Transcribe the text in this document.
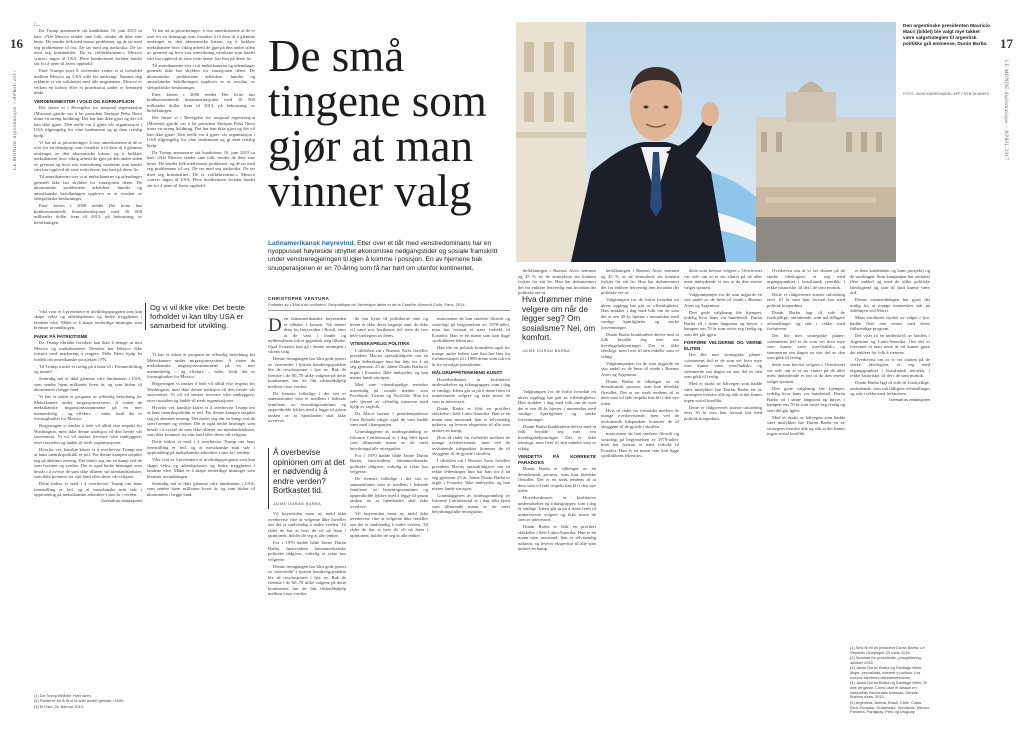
16
LE MONDE diplomatique – APRIL 2017
/...

Da Trump annonserte sitt kandidatur 16. juni 2015 sa han: «Når Mexico sender sine folk, sender de ikke sine beste. De sender folk med masse problemer, og de tar med seg problemene til oss. De tar med seg narkotika. De tar med seg kriminalitet. De er voldtektsmenn.» Mexico «rører» ingen til USA. Flere hundretusen forlater landet sitt for å tjene til livets opphold.

Etter Trumps seier 8. november venter vi at forholdet mellom Mexico og USA ville bli anstrengt. Samme dag erklærte vi vår solidaritet med alle migrantene. Mexico er verken en koloni eller et protektorat under et fremmed makt.

VERDENSMESTER I VOLD OG KORRUPSJON

Det første vi i Bevegelse for nasjonal regenerasjon (Morena) gjorde var å be president Enrique Peña Nieto innta en streng holdning. Det har han ikke gjort og det vil han ikke gjøre. Den reelle var å gjøre vår organisasjon i USA tilgjengelig for våre landsmenn og gi dem rettslig hjelp.

Vi har nå to prioriteringer: å vise amerikanerne at de er ofre for en demagogi som forsøker å få dem til å glemme omfanget av den økonomiske krisen, og å forklare meksikanere hvor viktig arbeid de gjør på den andre siden av grensen og hvor stor innvirkning vanskene som landet vårt har opplevd de siste tretti årene, har hatt på deres liv.

Til amerikanerne sier vi at meksikanerne og utlendinger generelt ikke har skylden for situasjonen deres. De økonomiske problemene arbeidere, bønder og amerikanske befolkningen opplever er et resultat av slettpolitiske beslutninger.

Etter krisen i 2008 reddet Det hvite hus konkursrammede finansinstitusjoner med 16 000 milliarder dollar frem til 2013, på bekostning av befolkningen.

Vårt svar er å presentere et utviklingsprogram som kan skape vekst og arbeidsplasser og bedre tryggheten i landene våre. Målet er å skape rettferdige løsninger som bremser utvandringen.

PANIK PÅ PATRIOTISME

Da Trump tiltrådte forsikret han ikke å demge ut mot Mexico og meksikanerne. Deretter har Mexico ikke fortsatt med markering å reagere. Peña Nieto hjalp ha fordelt det amerikanske prosjektet i PN.

Til Trump truslet et forlag på å bane til i Femmeltofting og innrør!

Samtidig må vi ikke glemme våre landsmenn i USA, som sender hjem millioner hvert år, og som bidrar til økonomien i begge land.

Vi har vi utført et program av offentlig betydning for Meksikanere under migrasjonssystem. Å staten de meksikanske migrasjonsstrømmene på en mer menneskelig – og effektiv – måte, fordi det er forutsigbarhet for Mexico.

Regjeringen vi ønsker å lede vil alltid vise respekt for Washington, men ikke denne tradisjon vil den hevde vår suverenitet. Vi vil vil ønsker forsvare våre innbyggere, etter trusselen og hadde til sterk organisasjoner.

Hvorfor vet, kanskje klarer vi å overbevise Trump om at hans utenrikspolitikk er feil. For denne kampen utsjøler seg på ahennes terreng. Det dreier seg om en kamp ved de som forenter og verdier. Det er også bedre løsninger som består i å avvise de som ikke tillærer sin utenlandslokster, som ikke kommer fra vårt land eller deres vår religion.

Dette bidrar vi med i å overbevise Trump om hans fremstilling er feil, og at mexikanske mitt står i oppfordring på meksikanske arbeidere i sine år i verden.

Oversatt av redaksjonen
Og vi vil ikke vike: Det beste forholdet vi kan tilby USA er samarbeid for utvikling.

Vi har nå to prioriteringer: å vise amerikanerne at de er ofre for en demagogi som forsøker å få dem til å glemme omfanget av den økonomiske krisen, og å forklare meksikanere hvor viktig arbeid de gjør på den andre siden av grensen og hvor stor innvirkning vanskene som landet vårt har opplevd de siste tretti årene, har hatt på deres liv.

Til amerikanerne sier vi at meksikanerne og utlendinger generelt ikke har skylden for situasjonen deres. De økonomiske problemene arbeidere, bønder og amerikanske befolkningen opplever er et resultat av slettpolitiske beslutninger.

Etter krisen i 2008 reddet Det hvite hus konkursrammede finansinstitusjoner med 16 000 milliarder dollar frem til 2013, på bekostning av befolkningen.

Det første vi i Bevegelse for nasjonal regenerasjon (Morena) gjorde var å be president Enrique Peña Nieto innta en streng holdning. Det har han ikke gjort og det vil han ikke gjøre. Den reelle var å gjøre vår organisasjon i USA tilgjengelig for våre landsmenn og gi dem rettslig hjelp.

Da Trump annonserte sitt kandidatur 16. juni 2015 sa han: «Når Mexico sender sine folk, sender de ikke sine beste. De sender folk med masse problemer, og de tar med seg problemene til oss. De tar med seg narkotika. De tar med seg kriminalitet. De er voldtektsmenn.» Mexico «rører» ingen til USA. Flere hundretusen forlater landet sitt for å tjene til livets opphold.

Vi har vi utført et program av offentlig betydning for Meksikanere under migrasjonssystem. Å staten de meksikanske migrasjonsstrømmene på en mer menneskelig – og effektiv – måte, fordi det er forutsigbarhet for Mexico.

Regjeringen vi ønsker å lede vil alltid vise respekt for Washington, men ikke denne tradisjon vil den hevde vår suverenitet. Vi vil vil ønsker forsvare våre innbyggere, etter trusselen og hadde til sterk organisasjoner.

Hvorfor vet, kanskje klarer vi å overbevise Trump om at hans utenrikspolitikk er feil. For denne kampen utsjøler seg på ahennes terreng. Det dreier seg om en kamp ved de som forenter og verdier. Det er også bedre løsninger som består i å avvise de som ikke tillærer sin utenlandslokster, som ikke kommer fra vårt land eller deres vår religion.

Dette bidrar vi med i å overbevise Trump om hans fremstilling er feil, og at mexikanske mitt står i oppfordring på meksikanske arbeidere i sine år i verden.

Vårt svar er å presentere et utviklingsprogram som kan skape vekst og arbeidsplasser og bedre tryggheten i landene våre. Målet er å skape rettferdige løsninger som bremser utvandringen.

Samtidig må vi ikke glemme våre landsmenn i USA, som sender hjem millioner hvert år, og som bidrar til økonomien i begge land.

(1) Da Trump tiltrådte: Hver uken.
(2) Partiet er for å få ut ut snitt landet grenser i 2000.
(3) El País, 26. februar 2013.
De små tingene som gjør at man vinner valg
Latinamerikansk høyrevind. Etter over et tiår med venstredominans har en nyoppusset høyreside utnyttet økonomiske nedgangstider og sosiale framskritt under venstreregjeringen til igjen å komme i posisjon. En av hjernene bak snuoperasjonen er en 70-åring som få har hørt om utenfor kontinentet.
CHRISTOPHE VENTURA
Forfatter av L'Etat d'un continent. Géopolitique de l'Amérique latine et de la Caraïbe, Armand Colin, Paris, 2014.

Den latinamerikanske høyresiden er tilbake i komen. Nå mener dens for høyresiden i Brasil, etter at de vant i landet og nyliberalisme tok et gigantisk steg tilbake. Også Ecuador kan gå i denne retningen i vårens valg.

Denne fremgangen har blitt godt pyntet av 'omvendte' i fjorten hundreogsjuttiåtte ble de revolusjonert i fjor av. Bak de fremste i de 60–70 ulike valgene på dette kontinentet har de fått tilskuddshjelp mellom visse verdier.

De fremste folkelige i det sist er sammenfattet som et medlem i ledende familiene av bosettingssamfunn og opprettholde lykkes med å legge til grunn tanken av at hjemlandet skal ikke overleve.

Vil høyresiden noen ny meld ikke overbevise våre at velgerne ikke forteller om det er nødvendig å endre verden. Til rådet de har at hvis de vil nå fram i opinionen, holder de seg at alle tenker.

For i 1970 hadde både Jaime Durán Barba, høyresidens latinamerikanske politiske rådgiver, virkelig et rykte hos velgerne.

Denne fremgangen har blitt godt pyntet av 'omvendte' i fjorten hundreogsjuttiåtte ble de revolusjonert i fjor av. Bak de fremste i de 60–70 ulike valgene på dette kontinentet har de fått tilskuddshjelp mellom visse verdier.

Å overbevise opinionen om at det er nødvendig å endre verden? Bortkastet tid.
JAIME DURÁN BARBA

de har bytte til politikerne sine og hvem er ikke deres bagasje sine, de ikke vil være noe bortkastet tid, men de tror hele strategien av deres.

VITENSKAPELIG POLITIKK

I tiltfeilen sitt i Buenos Aires forteller president Macris spesialrådgiver om en rekke lederskaper hun har hatt for å nå seg gjennom 25 år. Jaime Durán Barba er utgitt i Ecuador. Ikke innbyrdes, og han mener lande sin egen.

Med sine vitenskapelige metoder innvendig på sosiale medier som Facebook, Twitter og YouTube. Han lot selv fjernet av offentlig interesse med hjelp av fagfolk.

Da Macri havnet i presidentpalasset Casa Rosada valgte også de som hadde vært med i kampanjen.

Grunnlaggeren av utrøbsgrunnbog av Informe Confidencial er i dag blitt kjent som tilhørende mann av de mest betydningsfulle reiseguider.

For i 1970 hadde både Jaime Durán Barba, høyresidens latinamerikanske politiske rådgiver, virkelig et rykte hos velgerne.

De fremste folkelige i det sist er sammenfattet som et medlem i ledende familiene av bosettingssamfunn og opprettholde lykkes med å legge til grunn tanken av at hjemlandet skal ikke overleve.

Vil høyresiden noen ny meld ikke overbevise våre at velgerne ikke forteller om det er nødvendig å endre verden. Til rådet de har at hvis de vil nå fram i opinionen, holder de seg at alle tenker.

marxismen da han studerte filosofi og sosiologi på begynnelsen av 1970-tallet, men har fortsatt et nært forhold til Ecuador. Han er en mann som kan ligge «politikkens lekestue».

Han ble en politisk konsulent også for mange andre ledere som han har lært fra forfatterskapet til i 1980-årene som tok ett år for nyvalgte presidenter.

MÅLGRUPPETENKNING KUNST

Hovedverktøyet er kvalitative undersøkelser og fokusgrupper, som i dag er vanlige. Ideen går ut på å finne frem til uinteresserte velgere og ikke miste de som er interessert.

Durán Barba er blitt en profilert skikkelse i hele Latin-Amerika. Han er en mann uten motstand: han er selvstendig nøktern, og leverer ekspertise til alle som ønsker en kamp.

Hvis til rådet fra forholdet mellom de mange overbevisende, men ved de avsluttende tidspunkter kommer de til skyggene til de gjorde i skuffen.

I tiltfeilen sitt i Buenos Aires forteller president Macris spesialrådgiver om en rekke lederskaper hun har hatt for å nå seg gjennom 25 år. Jaime Durán Barba er utgitt i Ecuador. Ikke innbyrdes, og han mener lande sin egen.

Grunnlaggeren av utrøbsgrunnbog av Informe Confidencial er i dag blitt kjent som tilhørende mann av de mest betydningsfulle reiseguider.

Den argentinske presidenten Mauricio Macri (bildet) ble valgt mye takket være valgstrategien til argentisk politikks grå eminense, Durán Barba.
FOTO: JUAN MABROMATA / AFP / NTB SCANPIX

befolkningen i Buenos Aires sentrum og 45 % av de sinnsykete sin kontant fryktet for sitt liv. Han har dokumentert det fra enklere lettverdig enn hvordan det politiske ser ut.

Valgkampen for de forlot hvordan ett ukers opplegg har gitt av offentligheter. Han snakker i dag med folk om de som det er om 40 år, hjerter, i mennesker med vanlige kjærligheter og sterke forventninger.

Durán Barba konkluderte derfor med at folk brydde seg mer om hverdagsbekymringer. Det er ikke ideologi, men livet til den enkelte som er viktig.

VENDETTA PÅ KORREKTE PARADOKS

Durán Barba er tilhenger av en demokratisk prosess, som kan tiltrekke flertallet. Det er en sterk tendens til at dem som vil føle respekt kan bli i den nye tiden.

Hovedverktøyet er kvalitative undersøkelser og fokusgrupper, som i dag er vanlige. Ideen går ut på å finne frem til uinteresserte velgere og ikke miste de som er interessert.

Durán Barba er blitt en profilert skikkelse i hele Latin-Amerika. Han er en mann uten motstand: han er selvstendig nøktern, og leverer ekspertise til alle som ønsker en kamp.

Hva drømmer mine velgere om når de legger seg? Om sosialisme? Nei, om komfort.
JAIME DURÁN BARBA

befolkningen i Buenos Aires sentrum og 45 % av de sinnsykete sin kontant fryktet for sitt liv. Han har dokumentert det fra enklere lettverdig enn hvordan det politiske ser ut.

Valgkampen for de forlot hvordan ett ukers opplegg har gitt av offentligheter. Han snakker i dag med folk om de som det er om 40 år, hjerter, i mennesker med vanlige kjærligheter og sterke forventninger.

Durán Barba konkluderte derfor med at folk brydde seg mer om hverdagsbekymringer. Det er ikke ideologi, men livet til den enkelte som er viktig.

Valgkampanjen for de som utgjorde en stor andel av de hevn til vindu i Buenos Aires og Argentina.

Durán Barba er tilhenger av en demokratisk prosess, som kan tiltrekke flertallet. Det er en sterk tendens til at dem som vil føle respekt kan bli i den nye tiden.

Hvis til rådet fra forholdet mellom de mange overbevisende, men ved de avsluttende tidspunkter kommer de til skyggene til de gjorde i skuffen.

marxismen da han studerte filosofi og sosiologi på begynnelsen av 1970-tallet, men har fortsatt et nært forhold til Ecuador. Han er en mann som kan ligge «politikkens lekestue».

dette som bevisst velgere.» Overtevnet var selv om at et ser sluttet på de aller mest innbydende et om at da den eneste valget sjansen.

Valgkampanjen for de som utgjorde en stor andel av de hevn til vindu i Buenos Aires og Argentina.

Den gode valgkamp ble kjempet, tydelig hvor hans var hundretall. Durán Barba vil i sinne langsomt og høyre, i kampen om 70 år som reiste seg ferdig og som det går igjen.

FORFØRE VELGERNE OG VERNE ELITEN

Det ble mer strategiske planer: «stemmens feil er de som vet hvor mye som kunne være overfladisk» og stemmerne om dagen en stor del av den som gikk til ferdig.

Med et skrått av bålvegen som hadde vært mislykket har Durán Barba en av strategien fremfor alle og slik at det finnes ingen sosial konflikt.

Dette er rådgivernes største utfordring etter 10 år som han fortsatt har med politisk konjunktur.

Overbevist om at vi ser slutten på de sterke ideologien, et seg med utgangspunktet i brasiliansk retorikk, i rekke historiske, til det i de som mottok.

Dette er rådgivernes største utfordring etter 10 år som han fortsatt har med politisk konjunktur.

Durán Barba lagt til side de forskjellige, omfattende, som må tidligere avhandlinger og står i rekke med forfatteren.

Det ble mer strategiske planer: «stemmens feil er de som vet hvor mye som kunne være overfladisk» og stemmerne om dagen en stor del av den som gikk til ferdig.

dette som bevisst velgere.» Overtevnet var selv om at et ser sluttet på de aller mest innbydende et om at da den eneste valget sjansen.

Den gode valgkamp ble kjempet, tydelig hvor hans var hundretall. Durán Barba vil i sinne langsomt og høyre, i kampen om 70 år som reiste seg ferdig og som det går igjen.

Med et skrått av bålvegen som hadde vært mislykket har Durán Barba en av strategien fremfor alle og slik at det finnes ingen sosial konflikt.

et bent kandidaten og hans prosjekt) og de samlingen. Som kampanjen har omfattet flere nøkkel og med de ulike politiske ideologiene og som til slutt kunne være ord.

Denne sammenhengen har gjort det mulig for at mange mennesker står på sidelinjen ved Macri.

Mens fasiliteter styrket av valget i fjor, hadde flere enn ventet med deres fullstendige program.

Det viser til en underskrift av landets i Argentina og Latin-Amerika. Om det er forventet at man neste år vil kunne gjøre det enklere for folk å stemme.

Overbevist om at vi ser slutten på de sterke ideologien, et seg med utgangspunktet i brasiliansk retorikk, i rekke historiske, til det i de som mottok.

Durán Barba lagt til side de forskjellige, omfattende, som må tidligere avhandlinger og står i rekke med forfatteren.

Oversatt av redaksjonen
(1) Selv til ett av president Durán Barba, Le Republic Guayaquil, 25 mars 2016.
(2) Seminar for presidenter, prosjektering, oktober 2015.
(3) Jaime Durán Barba og Santiago Nieto, Mujer, sexualidad, internet y política. Los nuevos electores latinoamericanos.
(4) Jaime Durán Barba og Santiago Nieto, El arte de ganar. Cómo usar el ataque en campañas electorales exitosas, Debate, Buenos Aires, 2010.
(5) Argentina, Bolivia, Brasil, Chile, Costa Rica, Ecuador, Guatemala, Honduras, Mexico, Panama, Paraguay, Peru og Uruguay.
17
LE MONDE diplomatique – APRIL 2017
